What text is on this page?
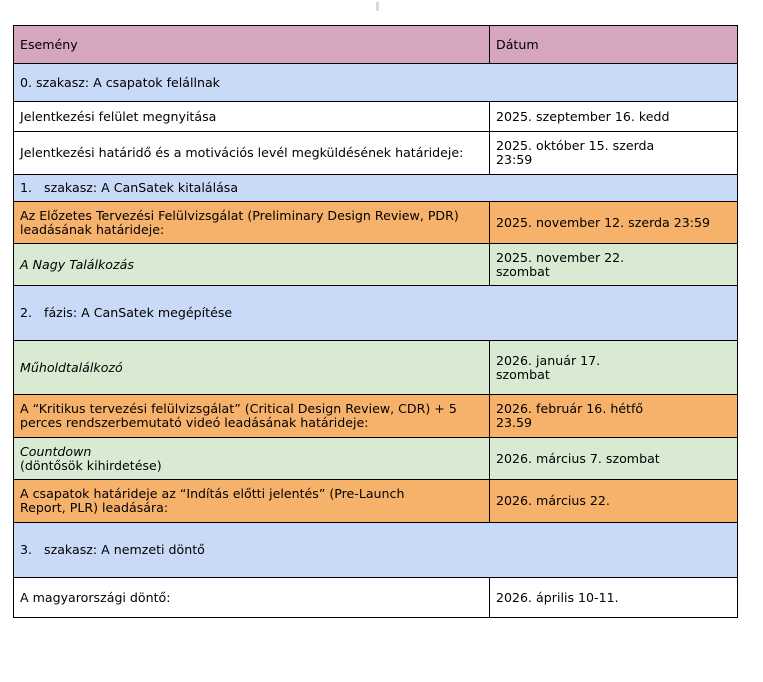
Esemény	Dátum
0. szakasz: A csapatok felállnak	
Jelentkezési felület megnyitása	2025. szeptember 16. kedd
Jelentkezési határidő és a motivációs levél megküldésének határideje:	2025. október 15. szerda 23:59
1.   szakasz: A CanSatek kitalálása	
Az Előzetes Tervezési Felülvizsgálat (Preliminary Design Review, PDR) leadásának határideje:	2025. november 12. szerda 23:59
A Nagy Találkozás	2025. november 22. szombat
2.   fázis: A CanSatek megépítése	
Műholdtalálkozó	2026. január 17. szombat
A “Kritikus tervezési felülvizsgálat” (Critical Design Review, CDR) + 5 perces rendszerbemutató videó leadásának határideje:	2026. február 16. hétfő 23.59

Countdown
(döntősök kihirdetése)	2026. március 7. szombat
A csapatok határideje az “Indítás előtti jelentés” (Pre-Launch Report, PLR) leadására:	2026. március 22.
3.   szakasz: A nemzeti döntő	
A magyarországi döntő:	2026. április 10-11.
